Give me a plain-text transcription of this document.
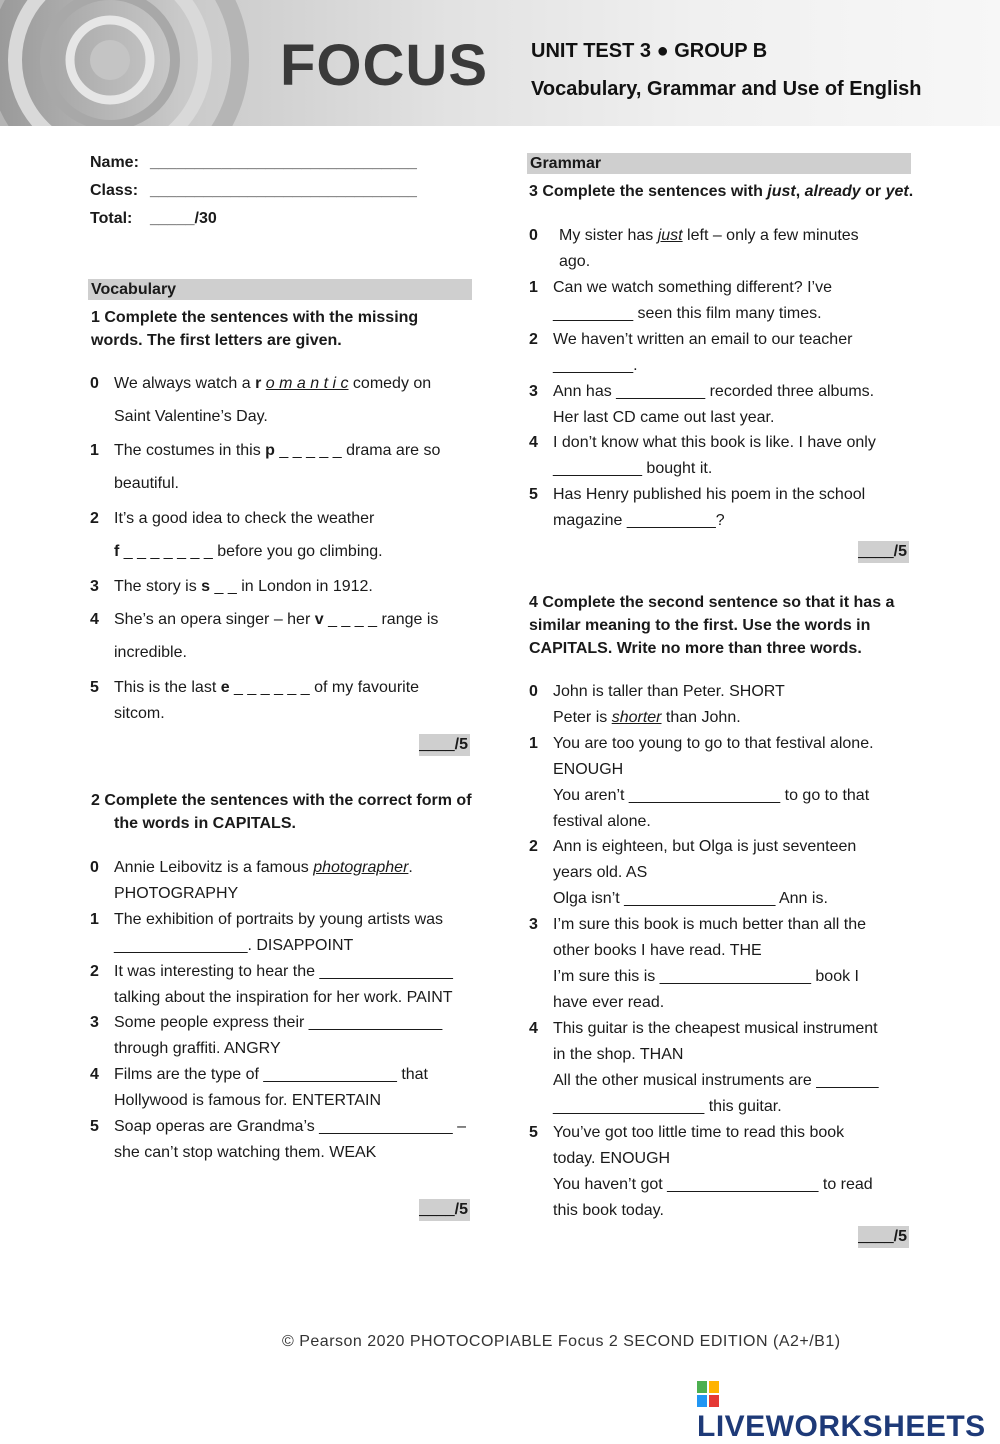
FOCUS UNIT TEST 3 ● GROUP B
Vocabulary, Grammar and Use of English
Name: ______________________________
Class: ______________________________
Total: _____/30
Vocabulary
1 Complete the sentences with the missing
words. The first letters are given.
0 We always watch a r o m a n t i c comedy on
Saint Valentine’s Day.
1 The costumes in this p _ _ _ _ _ drama are so
beautiful.
2 It’s a good idea to check the weather
f _ _ _ _ _ _ _ before you go climbing.
3 The story is s _ _ in London in 1912.
4 She’s an opera singer – her v _ _ _ _ range is
incredible.
5 This is the last e _ _ _ _ _ _ of my favourite
sitcom.
____/5
2 Complete the sentences with the correct form of
the words in CAPITALS.
0 Annie Leibovitz is a famous photographer.
PHOTOGRAPHY
1 The exhibition of portraits by young artists was
_______________. DISAPPOINT
2 It was interesting to hear the _______________
talking about the inspiration for her work. PAINT
3 Some people express their _______________
through graffiti. ANGRY
4 Films are the type of _______________ that
Hollywood is famous for. ENTERTAIN
5 Soap operas are Grandma’s _______________ –
she can’t stop watching them. WEAK
____/5
Grammar
3 Complete the sentences with just, already or yet.
0 My sister has just left – only a few minutes
ago.
1 Can we watch something different? I’ve
_________ seen this film many times.
2 We haven’t written an email to our teacher
_________.
3 Ann has __________ recorded three albums.
Her last CD came out last year.
4 I don’t know what this book is like. I have only
__________ bought it.
5 Has Henry published his poem in the school
magazine __________?
____/5
4 Complete the second sentence so that it has a
similar meaning to the first. Use the words in
CAPITALS. Write no more than three words.
0 John is taller than Peter. SHORT
Peter is shorter than John.
1 You are too young to go to that festival alone.
ENOUGH
You aren’t _________________ to go to that
festival alone.
2 Ann is eighteen, but Olga is just seventeen
years old. AS
Olga isn’t _________________ Ann is.
3 I’m sure this book is much better than all the
other books I have read. THE
I’m sure this is _________________ book I
have ever read.
4 This guitar is the cheapest musical instrument
in the shop. THAN
All the other musical instruments are _______
_________________ this guitar.
5 You’ve got too little time to read this book
today. ENOUGH
You haven’t got _________________ to read
this book today.
____/5
© Pearson 2020 PHOTOCOPIABLE Focus 2 SECOND EDITION (A2+/B1)
LIVEWORKSHEETS
